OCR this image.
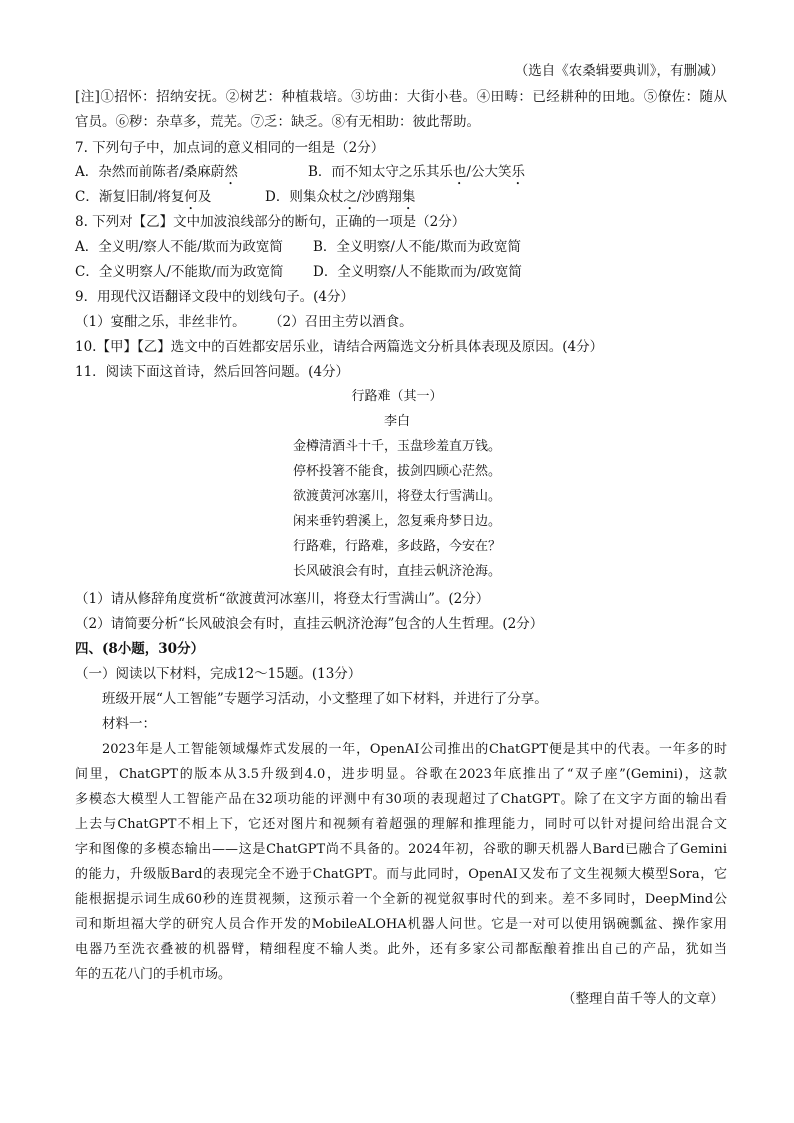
（选自《农桑辑要典训》，有删减）
[注]①招怀：招纳安抚。②树艺：种植栽培。③坊曲：大街小巷。④田畴：已经耕种的田地。⑤僚佐：随从
官员。⑥秽：杂草多，荒芜。⑦乏：缺乏。⑧有无相助：彼此帮助。
7. 下列句子中，加点词的意义相同的一组是（2分）
A．杂然而前陈者/桑麻蔚然	B．而不知太守之乐其乐也/公大笑乐
C．渐复旧制/将复何及	D．则集众杖之/沙鸥翔集
8. 下列对【乙】文中加波浪线部分的断句，正确的一项是（2分）
A．全义明/察人不能/欺而为政宽简 B．全义明察/人不能/欺而为政宽简
C．全义明察人/不能欺/而为政宽简 D．全义明察/人不能欺而为/政宽简
9．用现代汉语翻译文段中的划线句子。(4分）
（1）宴酣之乐，非丝非竹。 （2）召田主劳以酒食。
10.【甲】【乙】选文中的百姓都安居乐业，请结合两篇选文分析具体表现及原因。(4分）
11．阅读下面这首诗，然后回答问题。(4分）
行路难（其一）
李白
金樽清酒斗十千，玉盘珍羞直万钱。
停杯投箸不能食，拔剑四顾心茫然。
欲渡黄河冰塞川，将登太行雪满山。
闲来垂钓碧溪上，忽复乘舟梦日边。
行路难，行路难，多歧路，今安在？
长风破浪会有时，直挂云帆济沧海。
（1）请从修辞角度赏析“欲渡黄河冰塞川，将登太行雪满山”。(2分）
（2）请简要分析“长风破浪会有时，直挂云帆济沧海”包含的人生哲理。(2分）
四、(8小题，30分）
（一）阅读以下材料，完成12～15题。(13分）
班级开展“人工智能”专题学习活动，小文整理了如下材料，并进行了分享。
材料一：
2023年是人工智能领域爆炸式发展的一年，OpenAI公司推出的ChatGPT便是其中的代表。一年多的时
间里，ChatGPT的版本从3.5升级到4.0，进步明显。谷歌在2023年底推出了“双子座”(Gemini)，这款
多模态大模型人工智能产品在32项功能的评测中有30项的表现超过了ChatGPT。除了在文字方面的输出看
上去与ChatGPT不相上下，它还对图片和视频有着超强的理解和推理能力，同时可以针对提问给出混合文
字和图像的多模态输出——这是ChatGPT尚不具备的。2024年初，谷歌的聊天机器人Bard已融合了Gemini
的能力，升级版Bard的表现完全不逊于ChatGPT。而与此同时，OpenAI又发布了文生视频大模型Sora，它
能根据提示词生成60秒的连贯视频，这预示着一个全新的视觉叙事时代的到来。差不多同时，DeepMind公
司和斯坦福大学的研究人员合作开发的MobileALOHA机器人问世。它是一对可以使用锅碗瓢盆、操作家用
电器乃至洗衣叠被的机器臂，精细程度不输人类。此外，还有多家公司都酝酿着推出自己的产品，犹如当
年的五花八门的手机市场。
（整理自苗千等人的文章）
